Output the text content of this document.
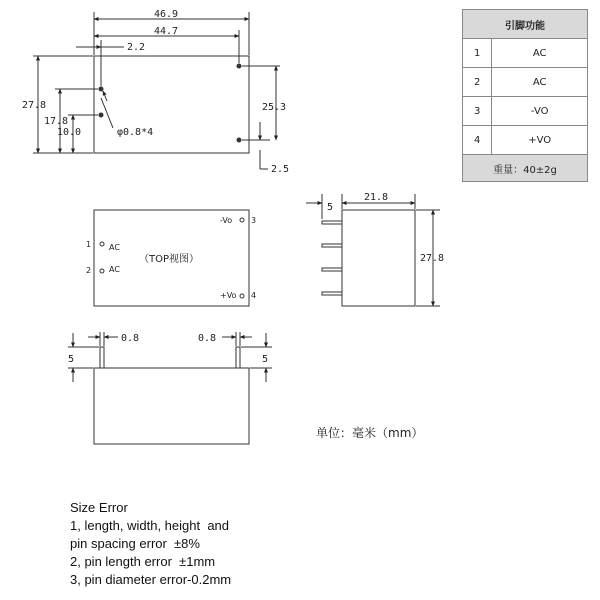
46.9
44.7
2.2
27.8
17.8
10.0	φ0.8*4
25.3
2.5
1 AC
2 AC
-Vo 3
+Vo 4
（TOP视图）
5
21.8
27.8
0.8	0.8
5	5
单位：毫米（mm）
引脚功能	
1	AC
2	AC
3	-VO
4	+VO
重量：40±2g	
Size Error
1, length, width, height  and
pin spacing error  ±8%
2, pin length error  ±1mm
3, pin diameter error-0.2mm
